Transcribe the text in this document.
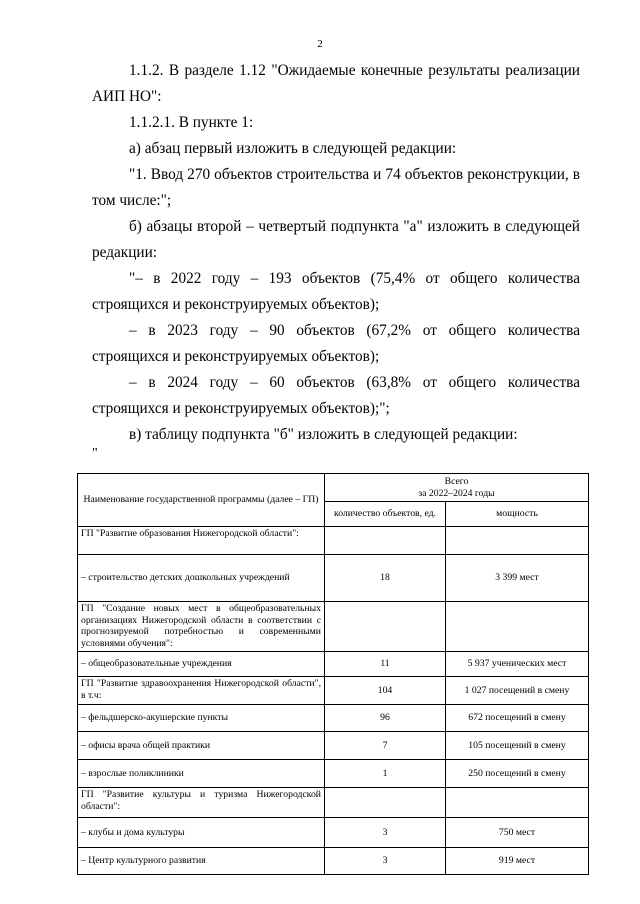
2

1.1.2. В разделе 1.12 "Ожидаемые конечные результаты реализации АИП НО":

1.1.2.1. В пункте 1:

а) абзац первый изложить в следующей редакции:

"1. Ввод 270 объектов строительства и 74 объектов реконструкции, в том числе:";

б) абзацы второй – четвертый подпункта "а" изложить в следующей редакции:

"– в 2022 году – 193 объектов (75,4% от общего количества строящихся и реконструируемых объектов);

– в 2023 году – 90 объектов (67,2% от общего количества строящихся и реконструируемых объектов);

– в 2024 году – 60 объектов (63,8% от общего количества строящихся и реконструируемых объектов);";

в) таблицу подпункта "б" изложить в следующей редакции:

"
Наименование государственной программы (далее – ГП)	Всего
за 2022–2024 годы	

	количество объектов, ед.	мощность
ГП "Развитие образования Нижегородской области":		
– строительство детских дошкольных учреждений	18	3 399 мест
ГП "Создание новых мест в общеобразовательных организациях Нижегородской области в соответствии с прогнозируемой потребностью и современными условиями обучения":		
– общеобразовательные учреждения	11	5 937 ученических мест
ГП "Развитие здравоохранения Нижегородской области", в т.ч:	104	1 027 посещений в смену
– фельдшерско-акушерские пункты	96	672 посещений в смену
– офисы врача общей практики	7	105 посещений в смену
– взрослые поликлиники	1	250 посещений в смену
ГП "Развитие культуры и туризма Нижегородской области":		
– клубы и дома культуры	3	750 мест
– Центр культурного развития	3	919 мест
